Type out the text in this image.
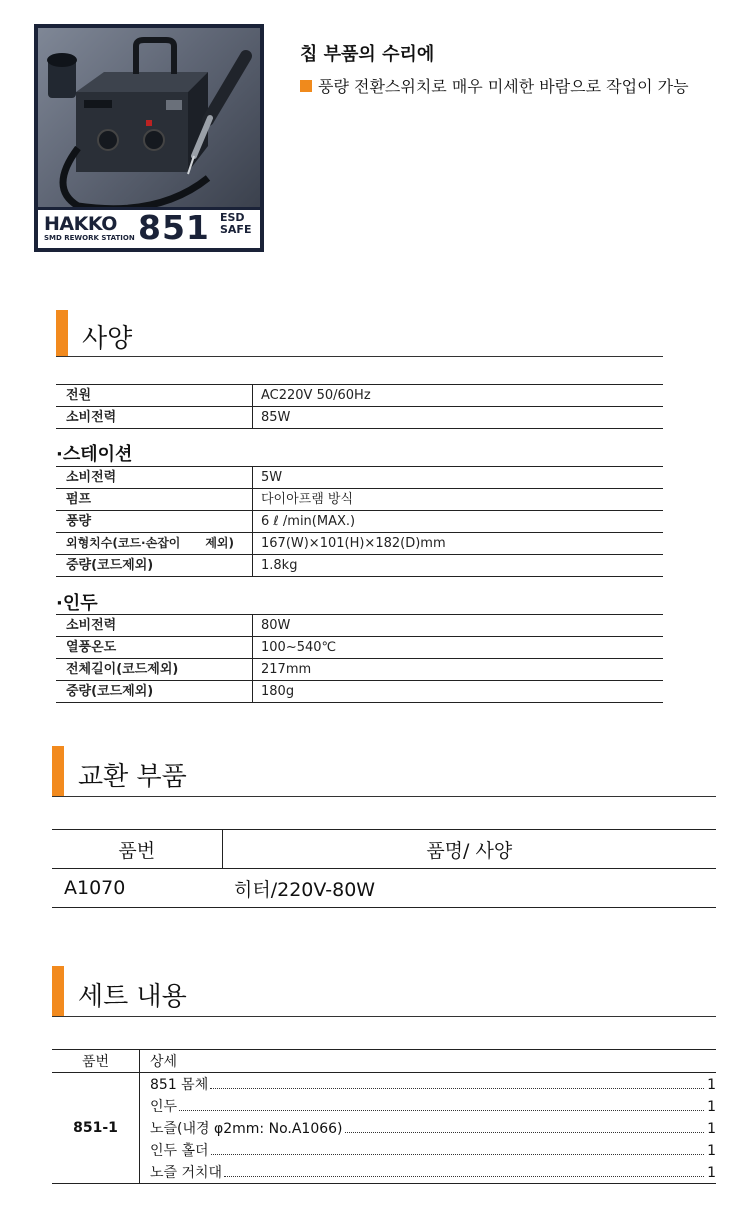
HAKKO
SMD REWORK STATION 851 ESD
SAFE
칩 부품의 수리에
풍량 전환스위치로 매우 미세한 바람으로 작업이 가능
사양
전원	AC220V 50/60Hz
소비전력	85W
·스테이션
소비전력	5W
펌프	다이아프램 방식
풍량	6 ℓ /min(MAX.)
외형치수(코드·손잡이 제외)	167(W)×101(H)×182(D)mm
중량(코드제외)	1.8kg
·인두
소비전력	80W
열풍온도	100~540℃
전체길이(코드제외)	217mm
중량(코드제외)	180g
교환 부품
품번	품명/ 사양
A1070	히터/220V-80W
세트 내용
품번	상세
851-1	851 몸체 1

	인두 1

	노즐(내경 φ2mm: No.A1066) 1

	인두 홀더 1

	노즐 거치대 1
